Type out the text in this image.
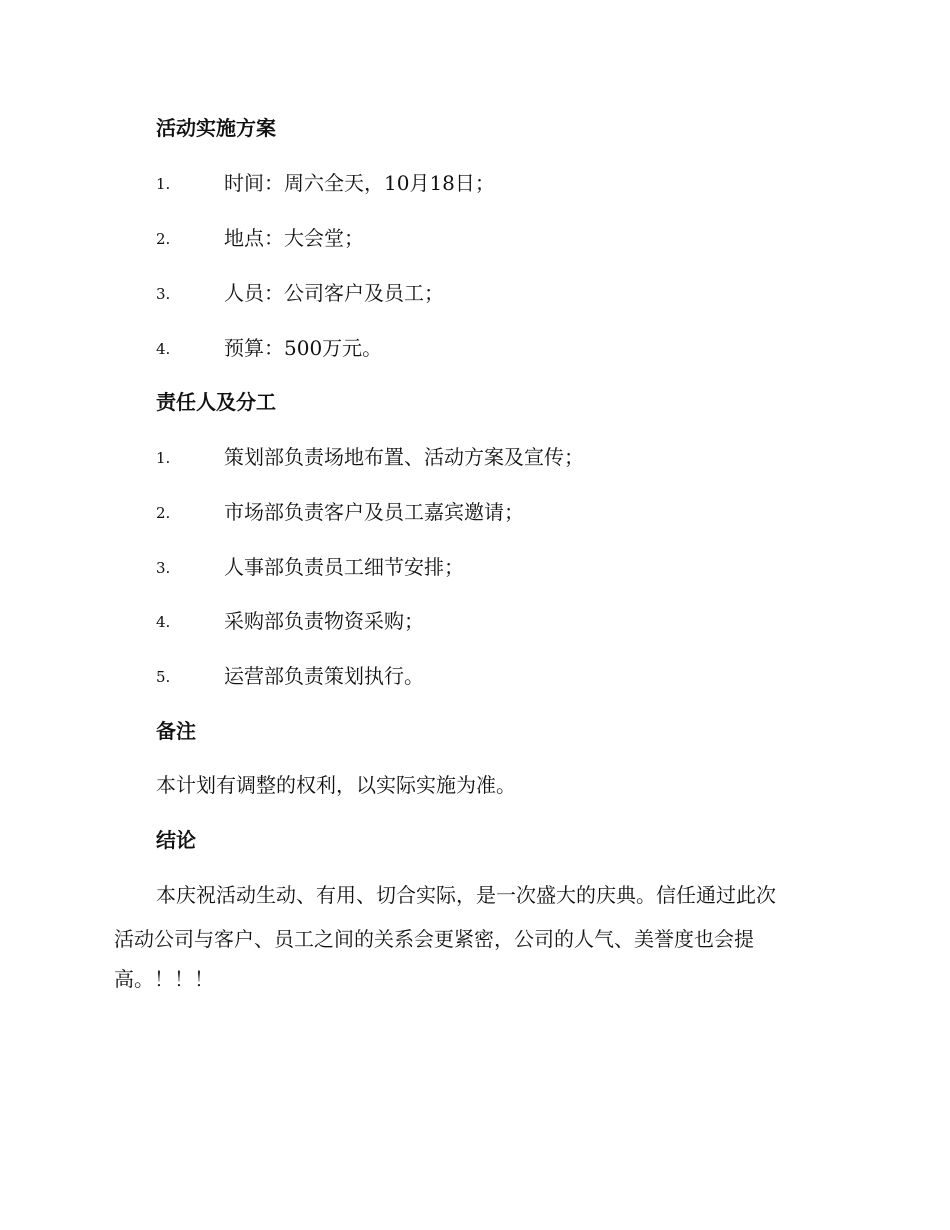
活动实施方案
1.	时间：周六全天，10月18日；
2.	地点：大会堂；
3.	人员：公司客户及员工；
4.	预算：500万元。
责任人及分工
1.	策划部负责场地布置、活动方案及宣传；
2.	市场部负责客户及员工嘉宾邀请；
3.	人事部负责员工细节安排；
4.	采购部负责物资采购；
5.	运营部负责策划执行。
备注
本计划有调整的权利，以实际实施为准。
结论
本庆祝活动生动、有用、切合实际，是一次盛大的庆典。信任通过此次
活动公司与客户、员工之间的关系会更紧密，公司的人气、美誉度也会提
高。！！！
